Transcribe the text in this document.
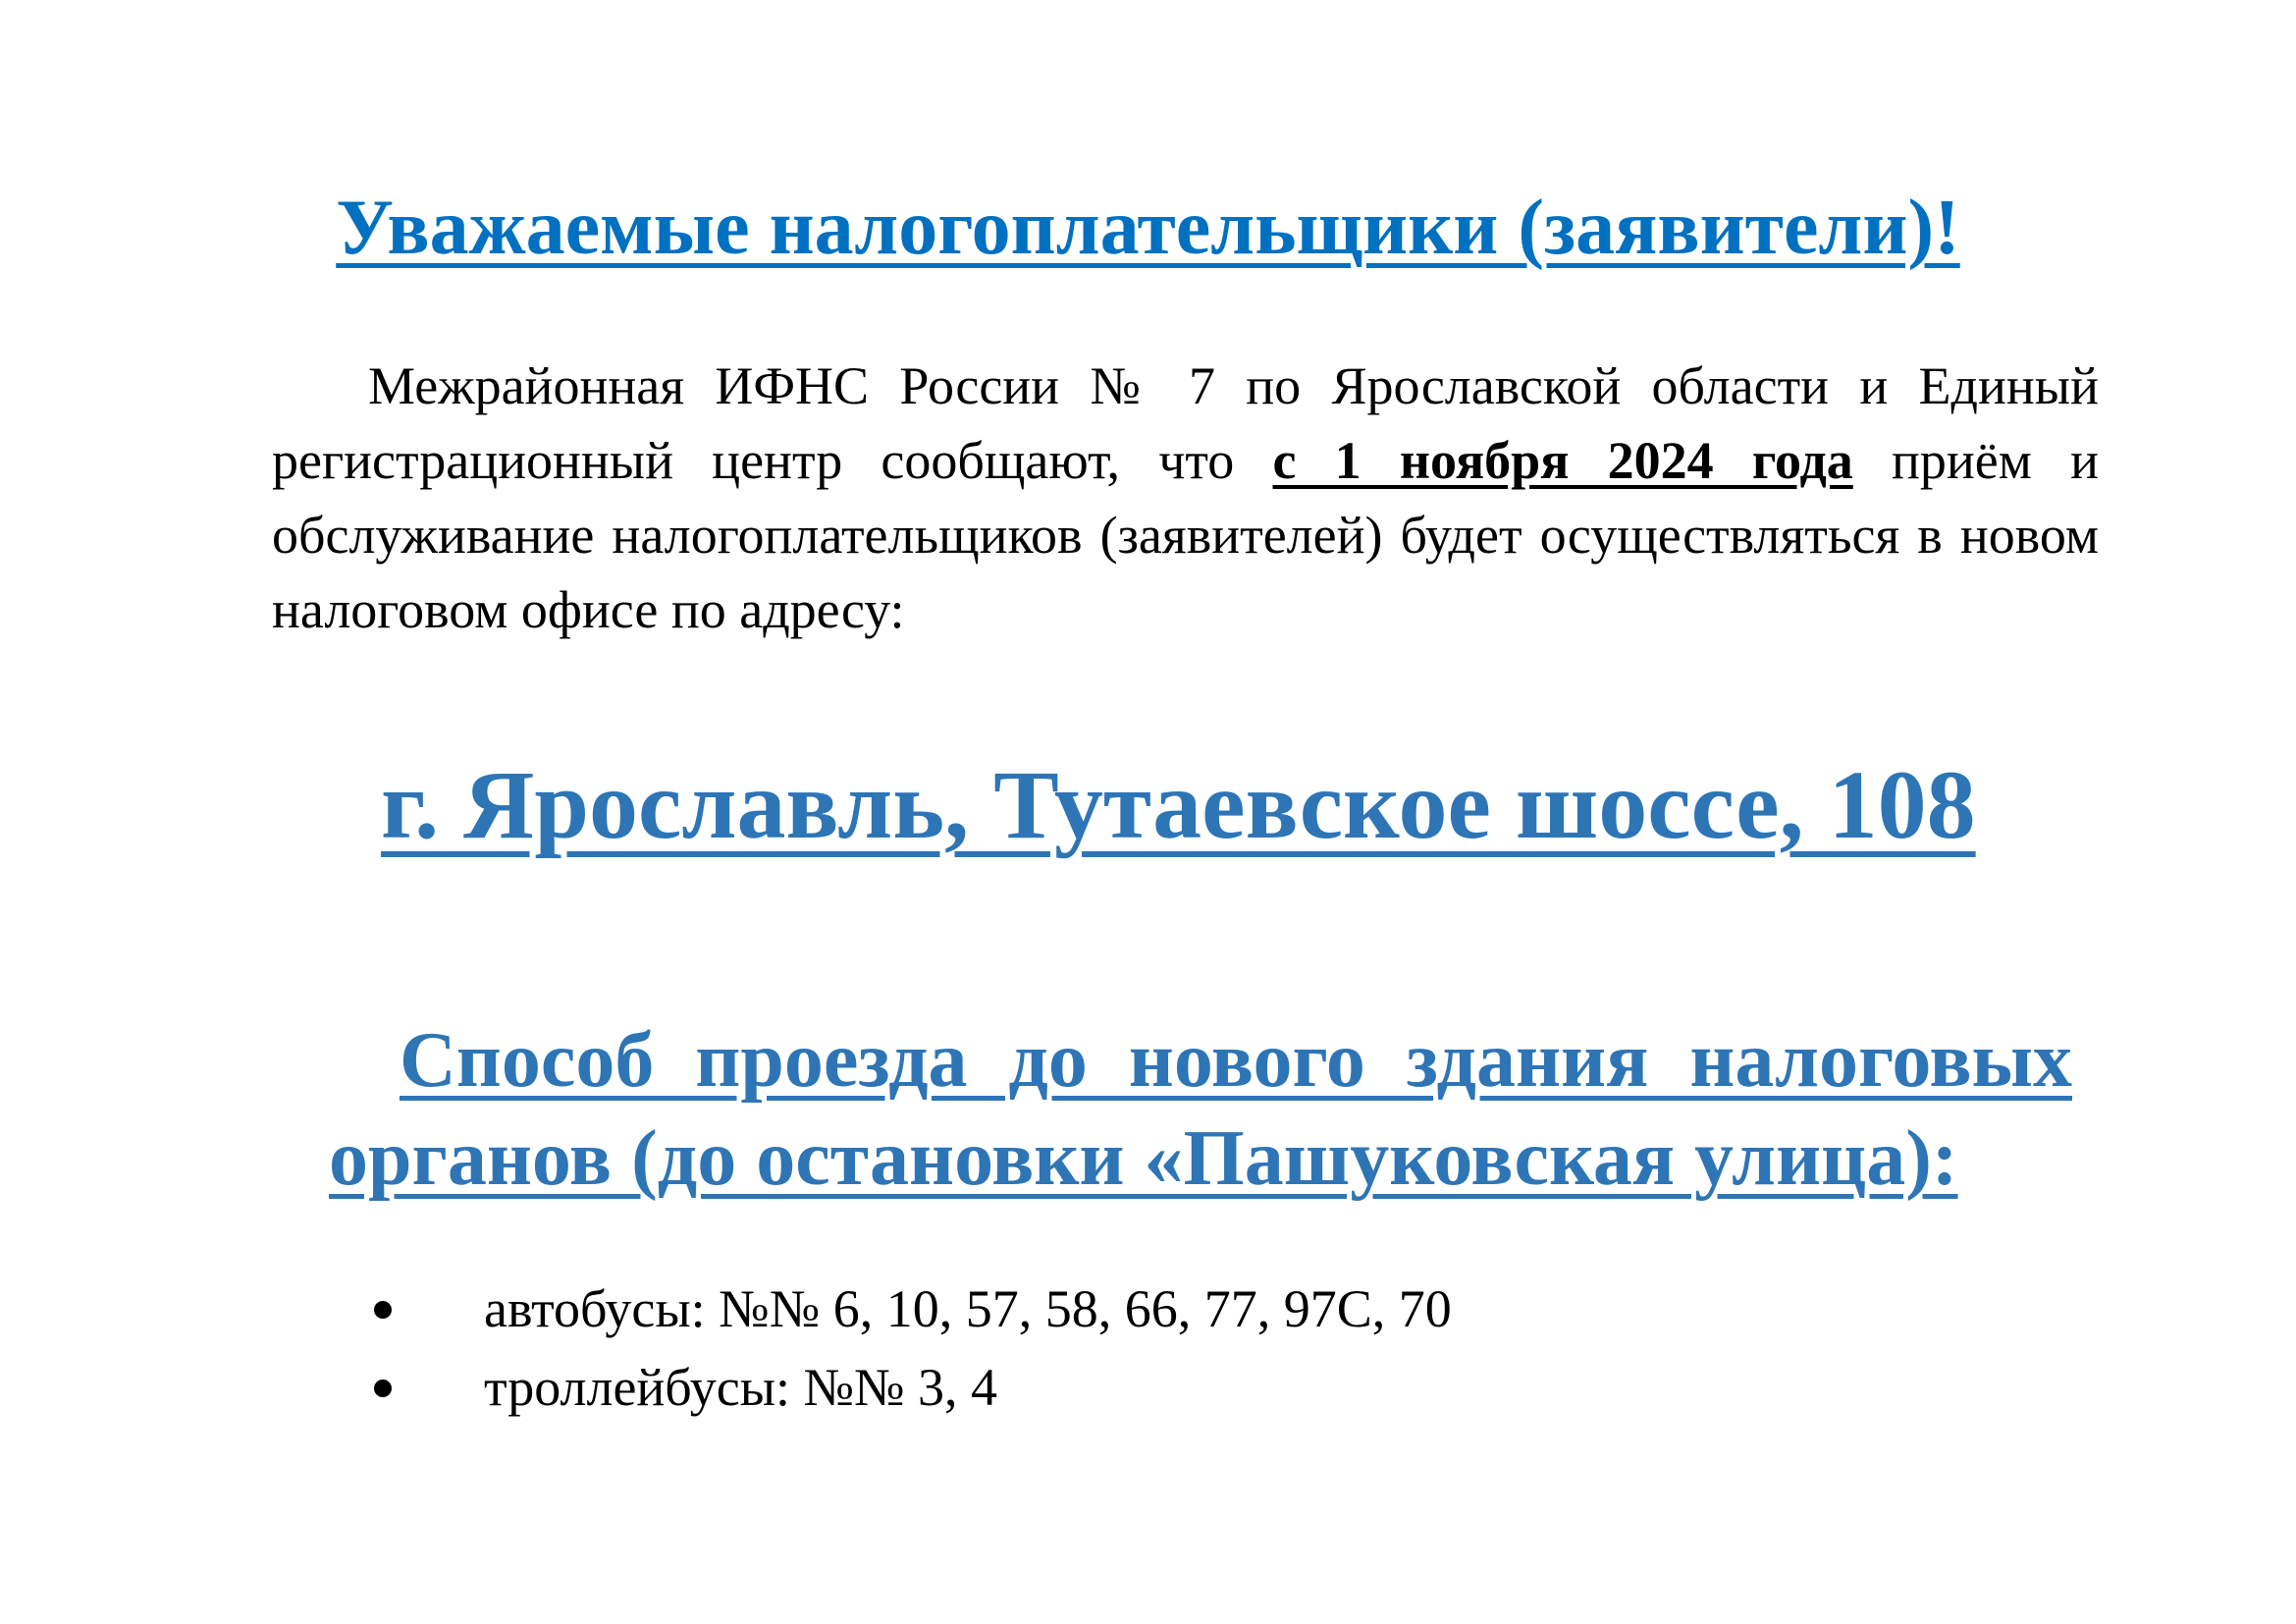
Уважаемые налогоплательщики (заявители)!

Межрайонная ИФНС России № 7 по Ярославской области и Единый регистрационный центр сообщают, что с 1 ноября 2024 года приём и обслуживание налогоплательщиков (заявителей) будет осуществляться в новом налоговом офисе по адресу:

г. Ярославль, Тутаевское шоссе, 108
Способ проезда до нового здания налоговых органов (до остановки «Пашуковская улица):
автобусы: №№ 6, 10, 57, 58, 66, 77, 97С, 70
троллейбусы: №№ 3, 4
